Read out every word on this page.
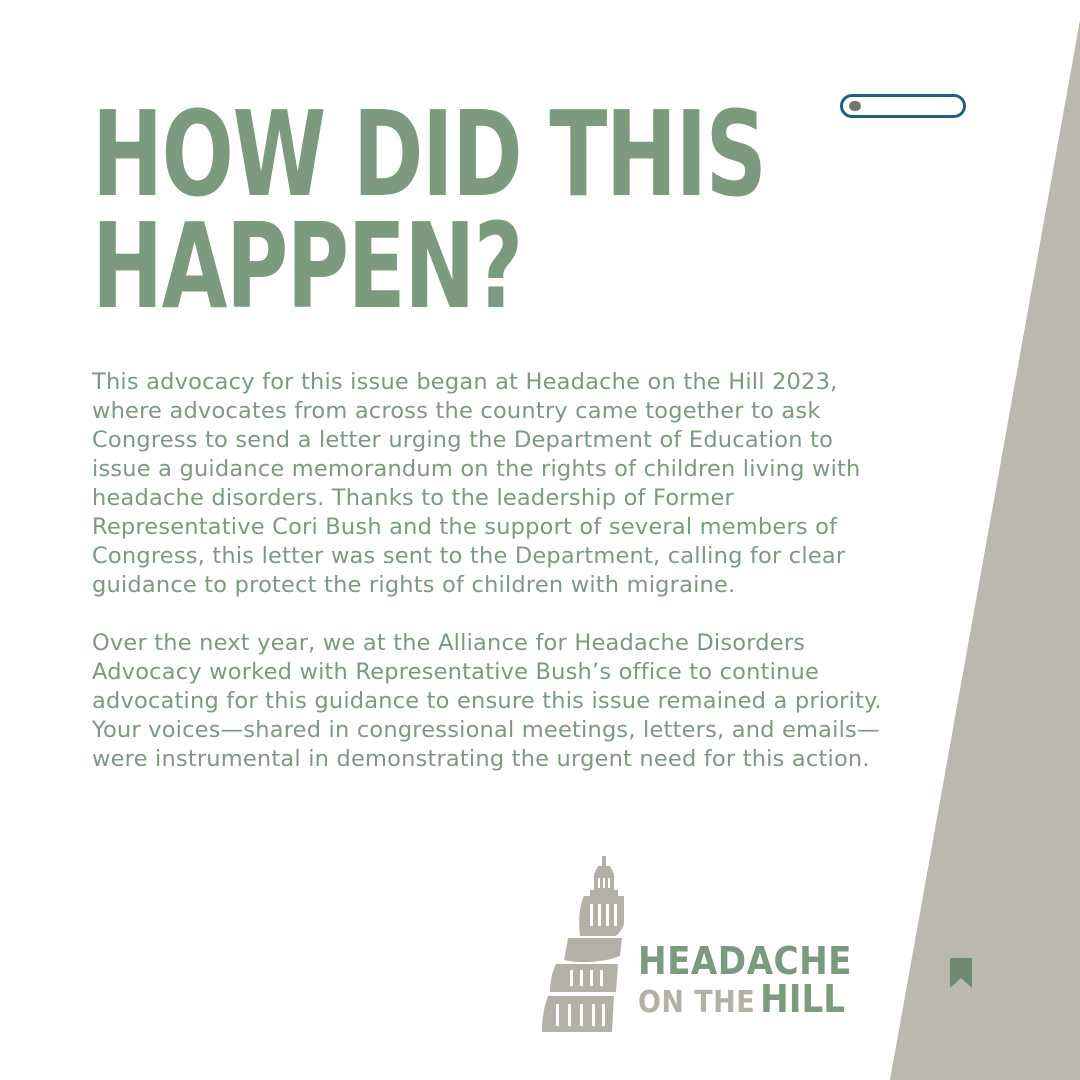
HOW DID THIS
HAPPEN?

This advocacy for this issue began at Headache on the Hill 2023, where advocates from across the country came together to ask Congress to send a letter urging the Department of Education to issue a guidance memorandum on the rights of children living with headache disorders. Thanks to the leadership of Former Representative Cori Bush and the support of several members of Congress, this letter was sent to the Department, calling for clear guidance to protect the rights of children with migraine.

Over the next year, we at the Alliance for Headache Disorders Advocacy worked with Representative Bush’s office to continue advocating for this guidance to ensure this issue remained a priority. Your voices—shared in congressional meetings, letters, and emails—were instrumental in demonstrating the urgent need for this action.

HEADACHE
ON THE HILL
